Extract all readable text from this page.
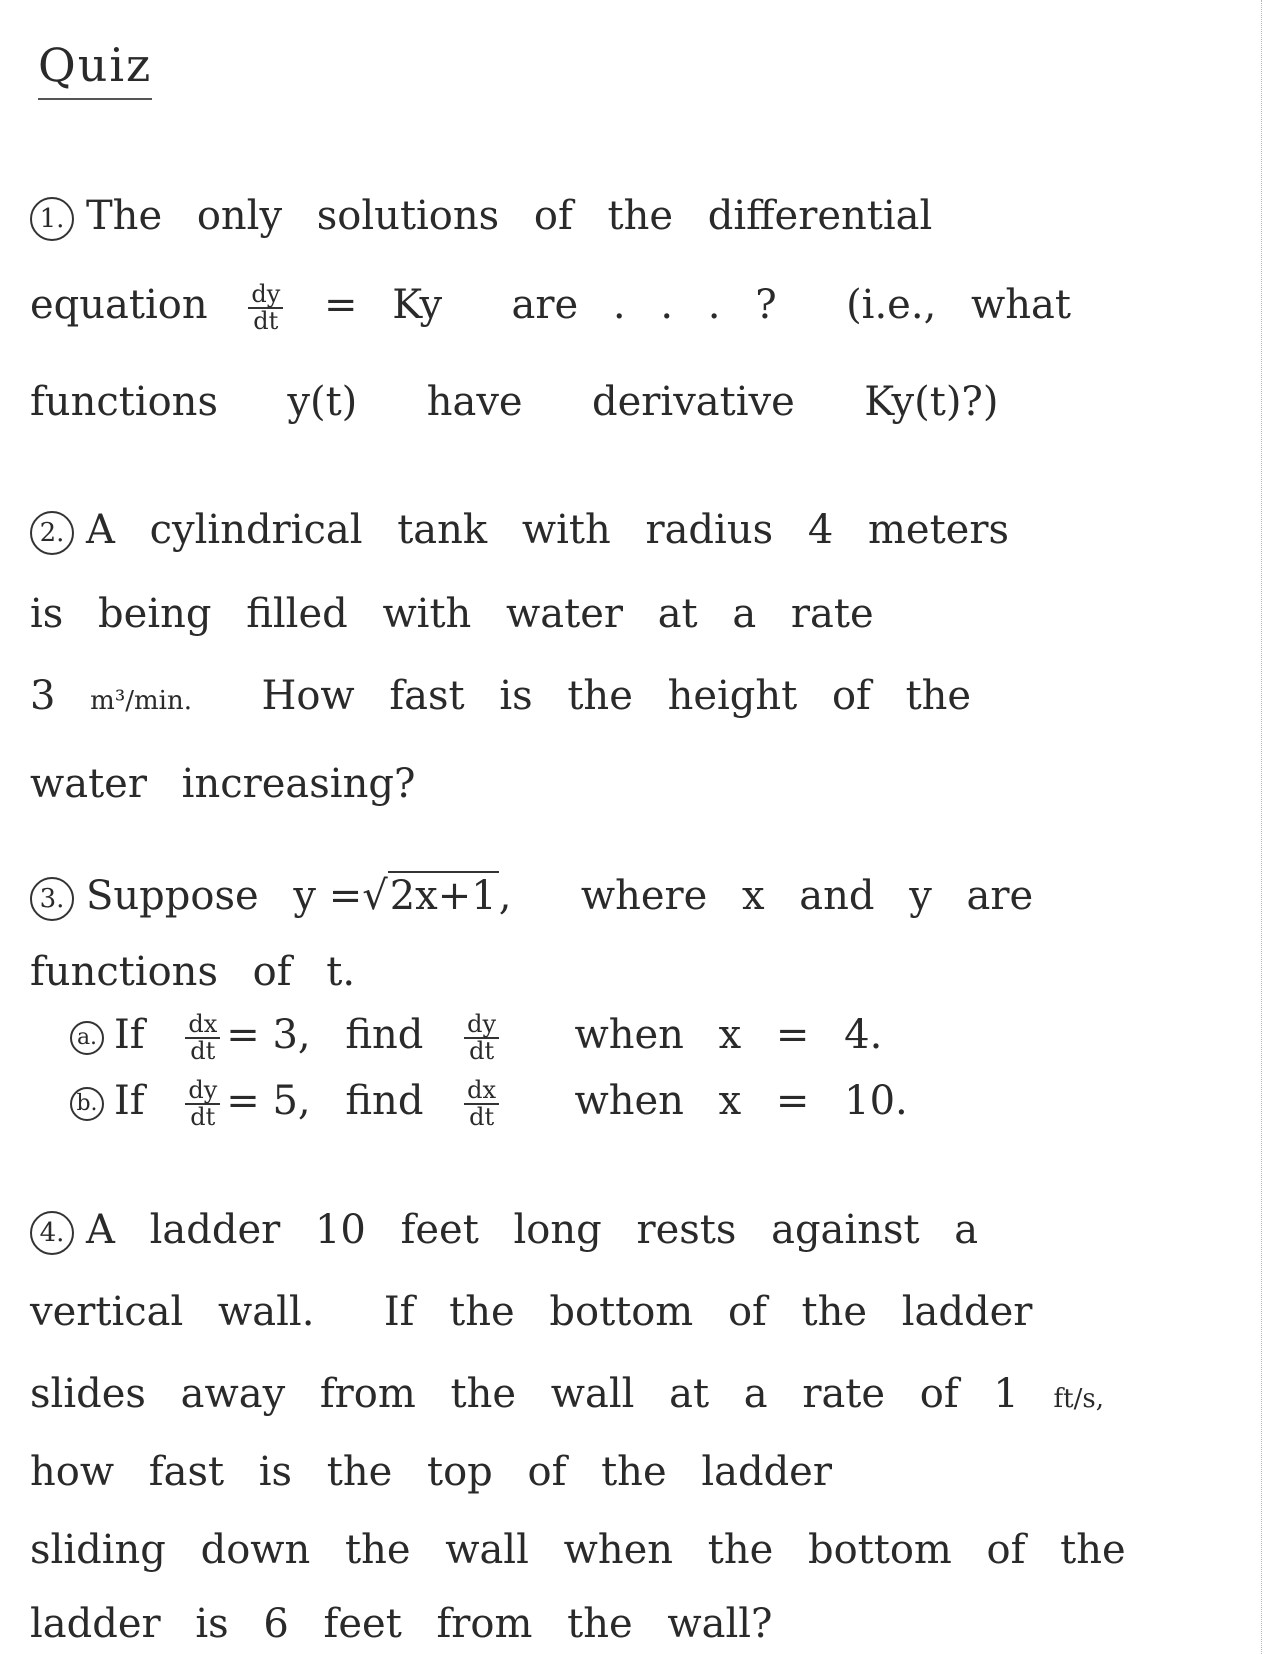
Quiz
1. The only solutions of the differential
equation $\frac{dy}{dt} = Ky$  are . . . ?  (i.e., what
functions  y(t)  have  derivative  Ky(t)?)
2. A cylindrical tank with radius 4 meters
is being filled with water at a rate
3 m³/min. How fast is the height of the
water increasing?
3. Suppose y =√2x+1,  where x and y are
functions of t.
a. If $\frac{dx}{dt} = 3$, find $\frac{dy}{dt}$ when x = 4.
b. If $\frac{dy}{dt} = 5$, find $\frac{dx}{dt}$ when x = 10.
4. A ladder 10 feet long rests against a
vertical wall.  If the bottom of the ladder
slides away from the wall at a rate of 1 ft/s,
how fast is the top of the ladder
sliding down the wall when the bottom of the
ladder is 6 feet from the wall?
